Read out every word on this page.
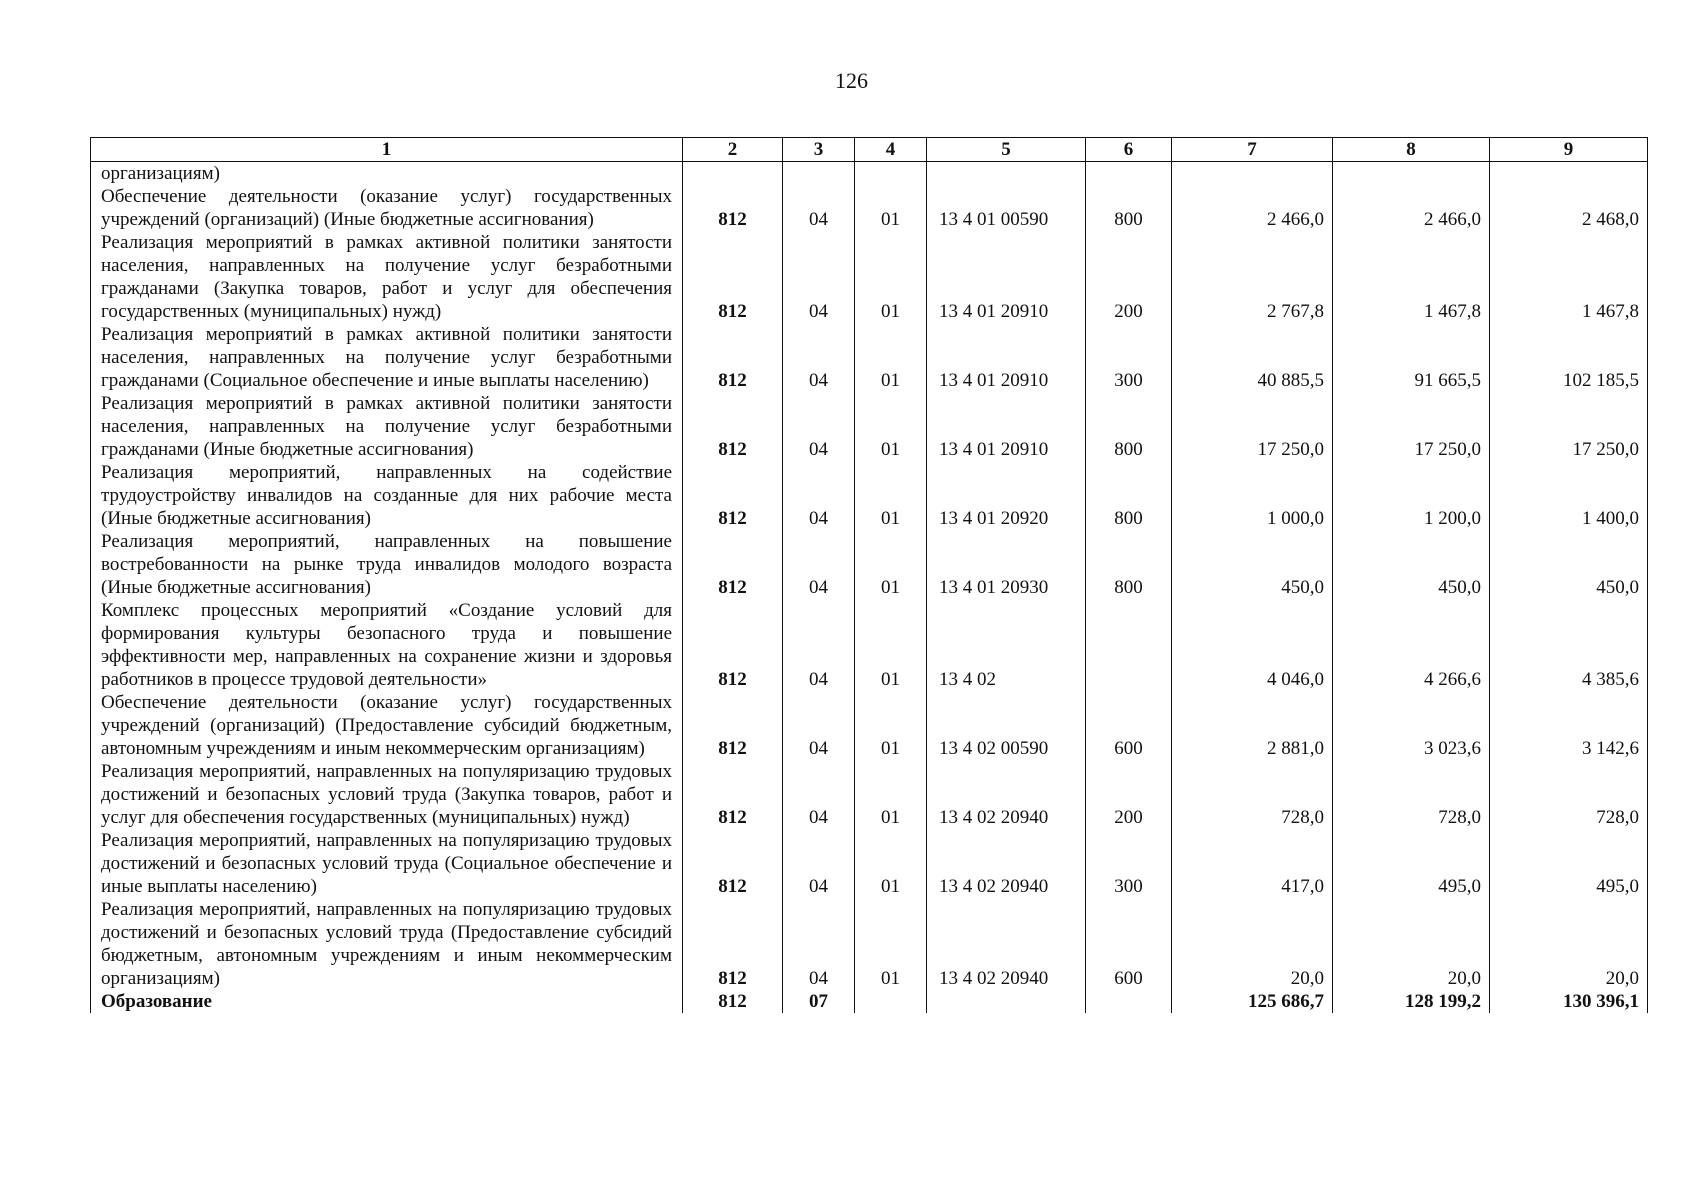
126
1	2	3	4	5	6	7	8	9
организациям)								
Обеспечение деятельности (оказание услуг) государственных учреждений (организаций) (Иные бюджетные ассигнования)	812	04	01	13 4 01 00590	800	2 466,0	2 466,0	2 468,0
Реализация мероприятий в рамках активной политики занятости населения, направленных на получение услуг безработными гражданами (Закупка товаров, работ и услуг для обеспечения государственных (муниципальных) нужд)	812	04	01	13 4 01 20910	200	2 767,8	1 467,8	1 467,8
Реализация мероприятий в рамках активной политики занятости населения, направленных на получение услуг безработными гражданами (Социальное обеспечение и иные выплаты населению)	812	04	01	13 4 01 20910	300	40 885,5	91 665,5	102 185,5
Реализация мероприятий в рамках активной политики занятости населения, направленных на получение услуг безработными гражданами (Иные бюджетные ассигнования)	812	04	01	13 4 01 20910	800	17 250,0	17 250,0	17 250,0
Реализация мероприятий, направленных на содействие трудоустройству инвалидов на созданные для них рабочие места (Иные бюджетные ассигнования)	812	04	01	13 4 01 20920	800	1 000,0	1 200,0	1 400,0
Реализация мероприятий, направленных на повышение востребованности на рынке труда инвалидов молодого возраста (Иные бюджетные ассигнования)	812	04	01	13 4 01 20930	800	450,0	450,0	450,0
Комплекс процессных мероприятий «Создание условий для формирования культуры безопасного труда и повышение эффективности мер, направленных на сохранение жизни и здоровья работников в процессе трудовой деятельности»	812	04	01	13 4 02		4 046,0	4 266,6	4 385,6
Обеспечение деятельности (оказание услуг) государственных учреждений (организаций) (Предоставление субсидий бюджетным, автономным учреждениям и иным некоммерческим организациям)	812	04	01	13 4 02 00590	600	2 881,0	3 023,6	3 142,6
Реализация мероприятий, направленных на популяризацию трудовых достижений и безопасных условий труда (Закупка товаров, работ и услуг для обеспечения государственных (муниципальных) нужд)	812	04	01	13 4 02 20940	200	728,0	728,0	728,0
Реализация мероприятий, направленных на популяризацию трудовых достижений и безопасных условий труда (Социальное обеспечение и иные выплаты населению)	812	04	01	13 4 02 20940	300	417,0	495,0	495,0
Реализация мероприятий, направленных на популяризацию трудовых достижений и безопасных условий труда (Предоставление субсидий бюджетным, автономным учреждениям и иным некоммерческим организациям)	812	04	01	13 4 02 20940	600	20,0	20,0	20,0
Образование	812	07				125 686,7	128 199,2	130 396,1
